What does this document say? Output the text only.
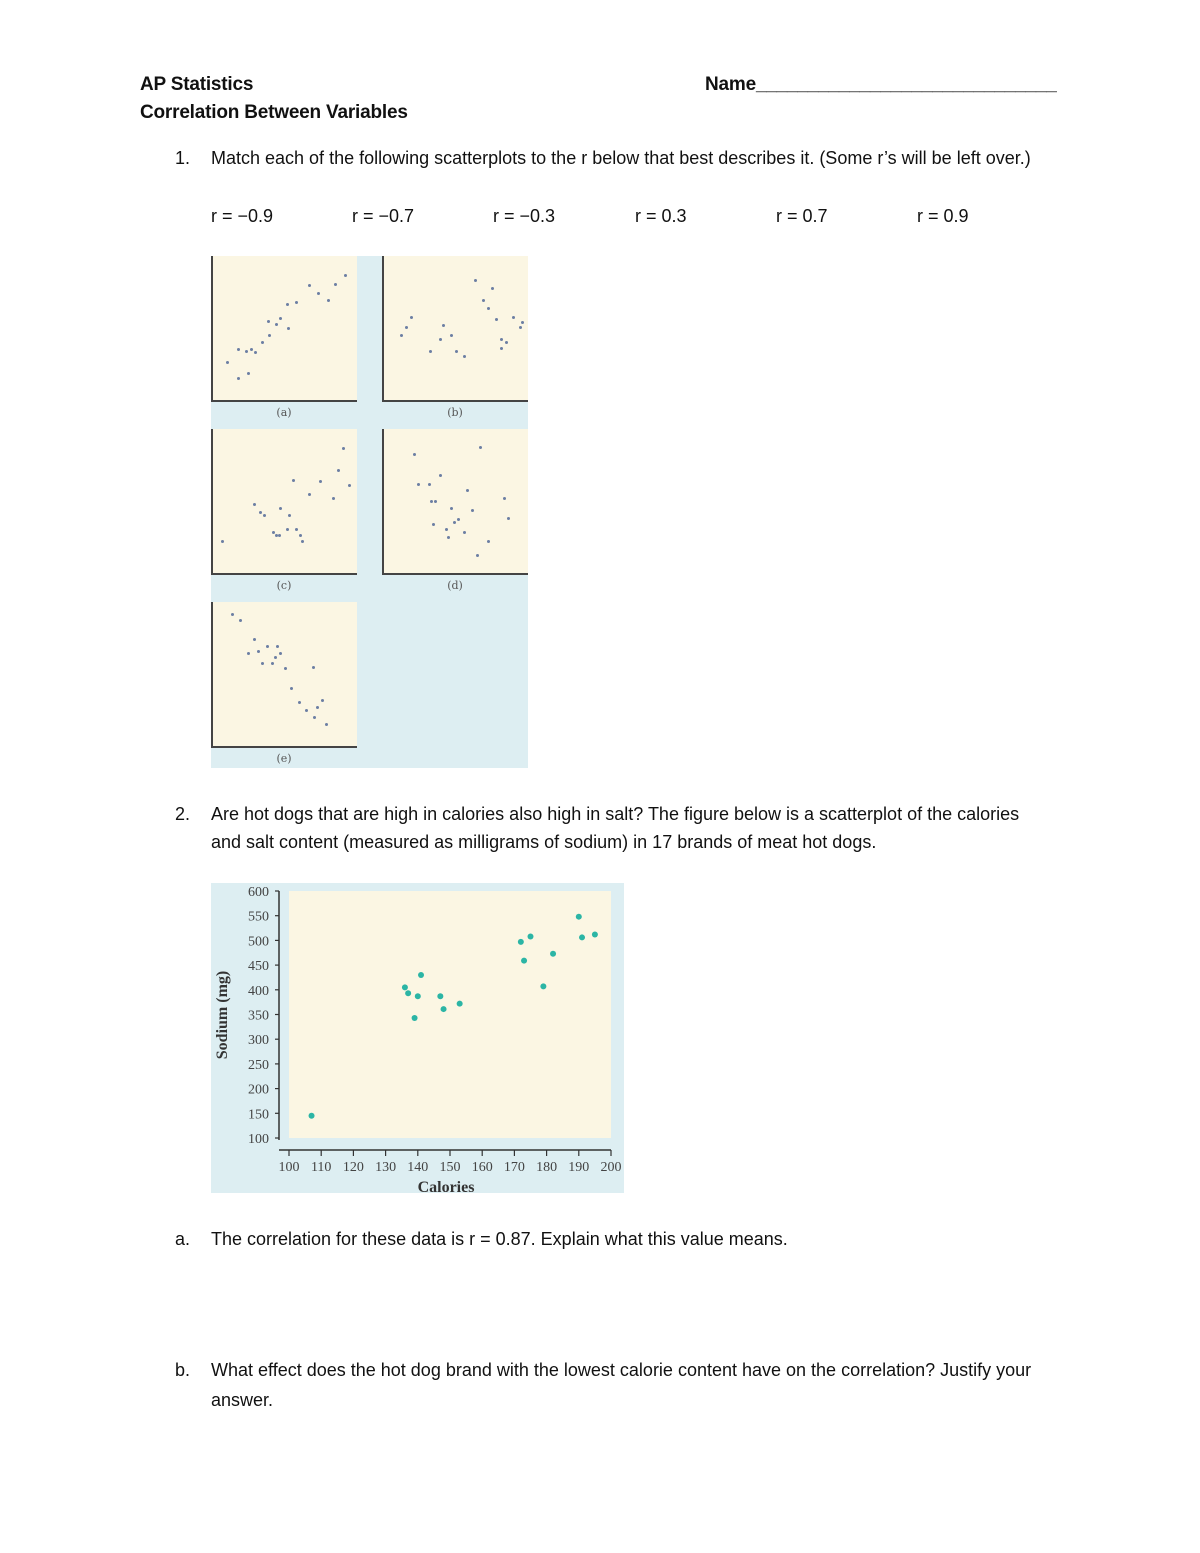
AP Statistics	Name_____________________________
Correlation Between Variables
1. Match each of the following scatterplots to the r below that best describes it. (Some r’s will be left over.)
r = −0.9	r = −0.7	r = −0.3	r = 0.3	r = 0.7	r = 0.9
(a)	(b)
(c)	(d)
(e)
2. Are hot dogs that are high in calories also high in salt? The figure below is a scatterplot of the calories
and salt content (measured as milligrams of sodium) in 17 brands of meat hot dogs.
100
150
200
250
300
350
400
450
500
550
600
100 110 120 130 140 150 160 170 180 190 200
Calories
Sodium (mg)
a. The correlation for these data is r = 0.87. Explain what this value means.
b. What effect does the hot dog brand with the lowest calorie content have on the correlation? Justify your
answer.
